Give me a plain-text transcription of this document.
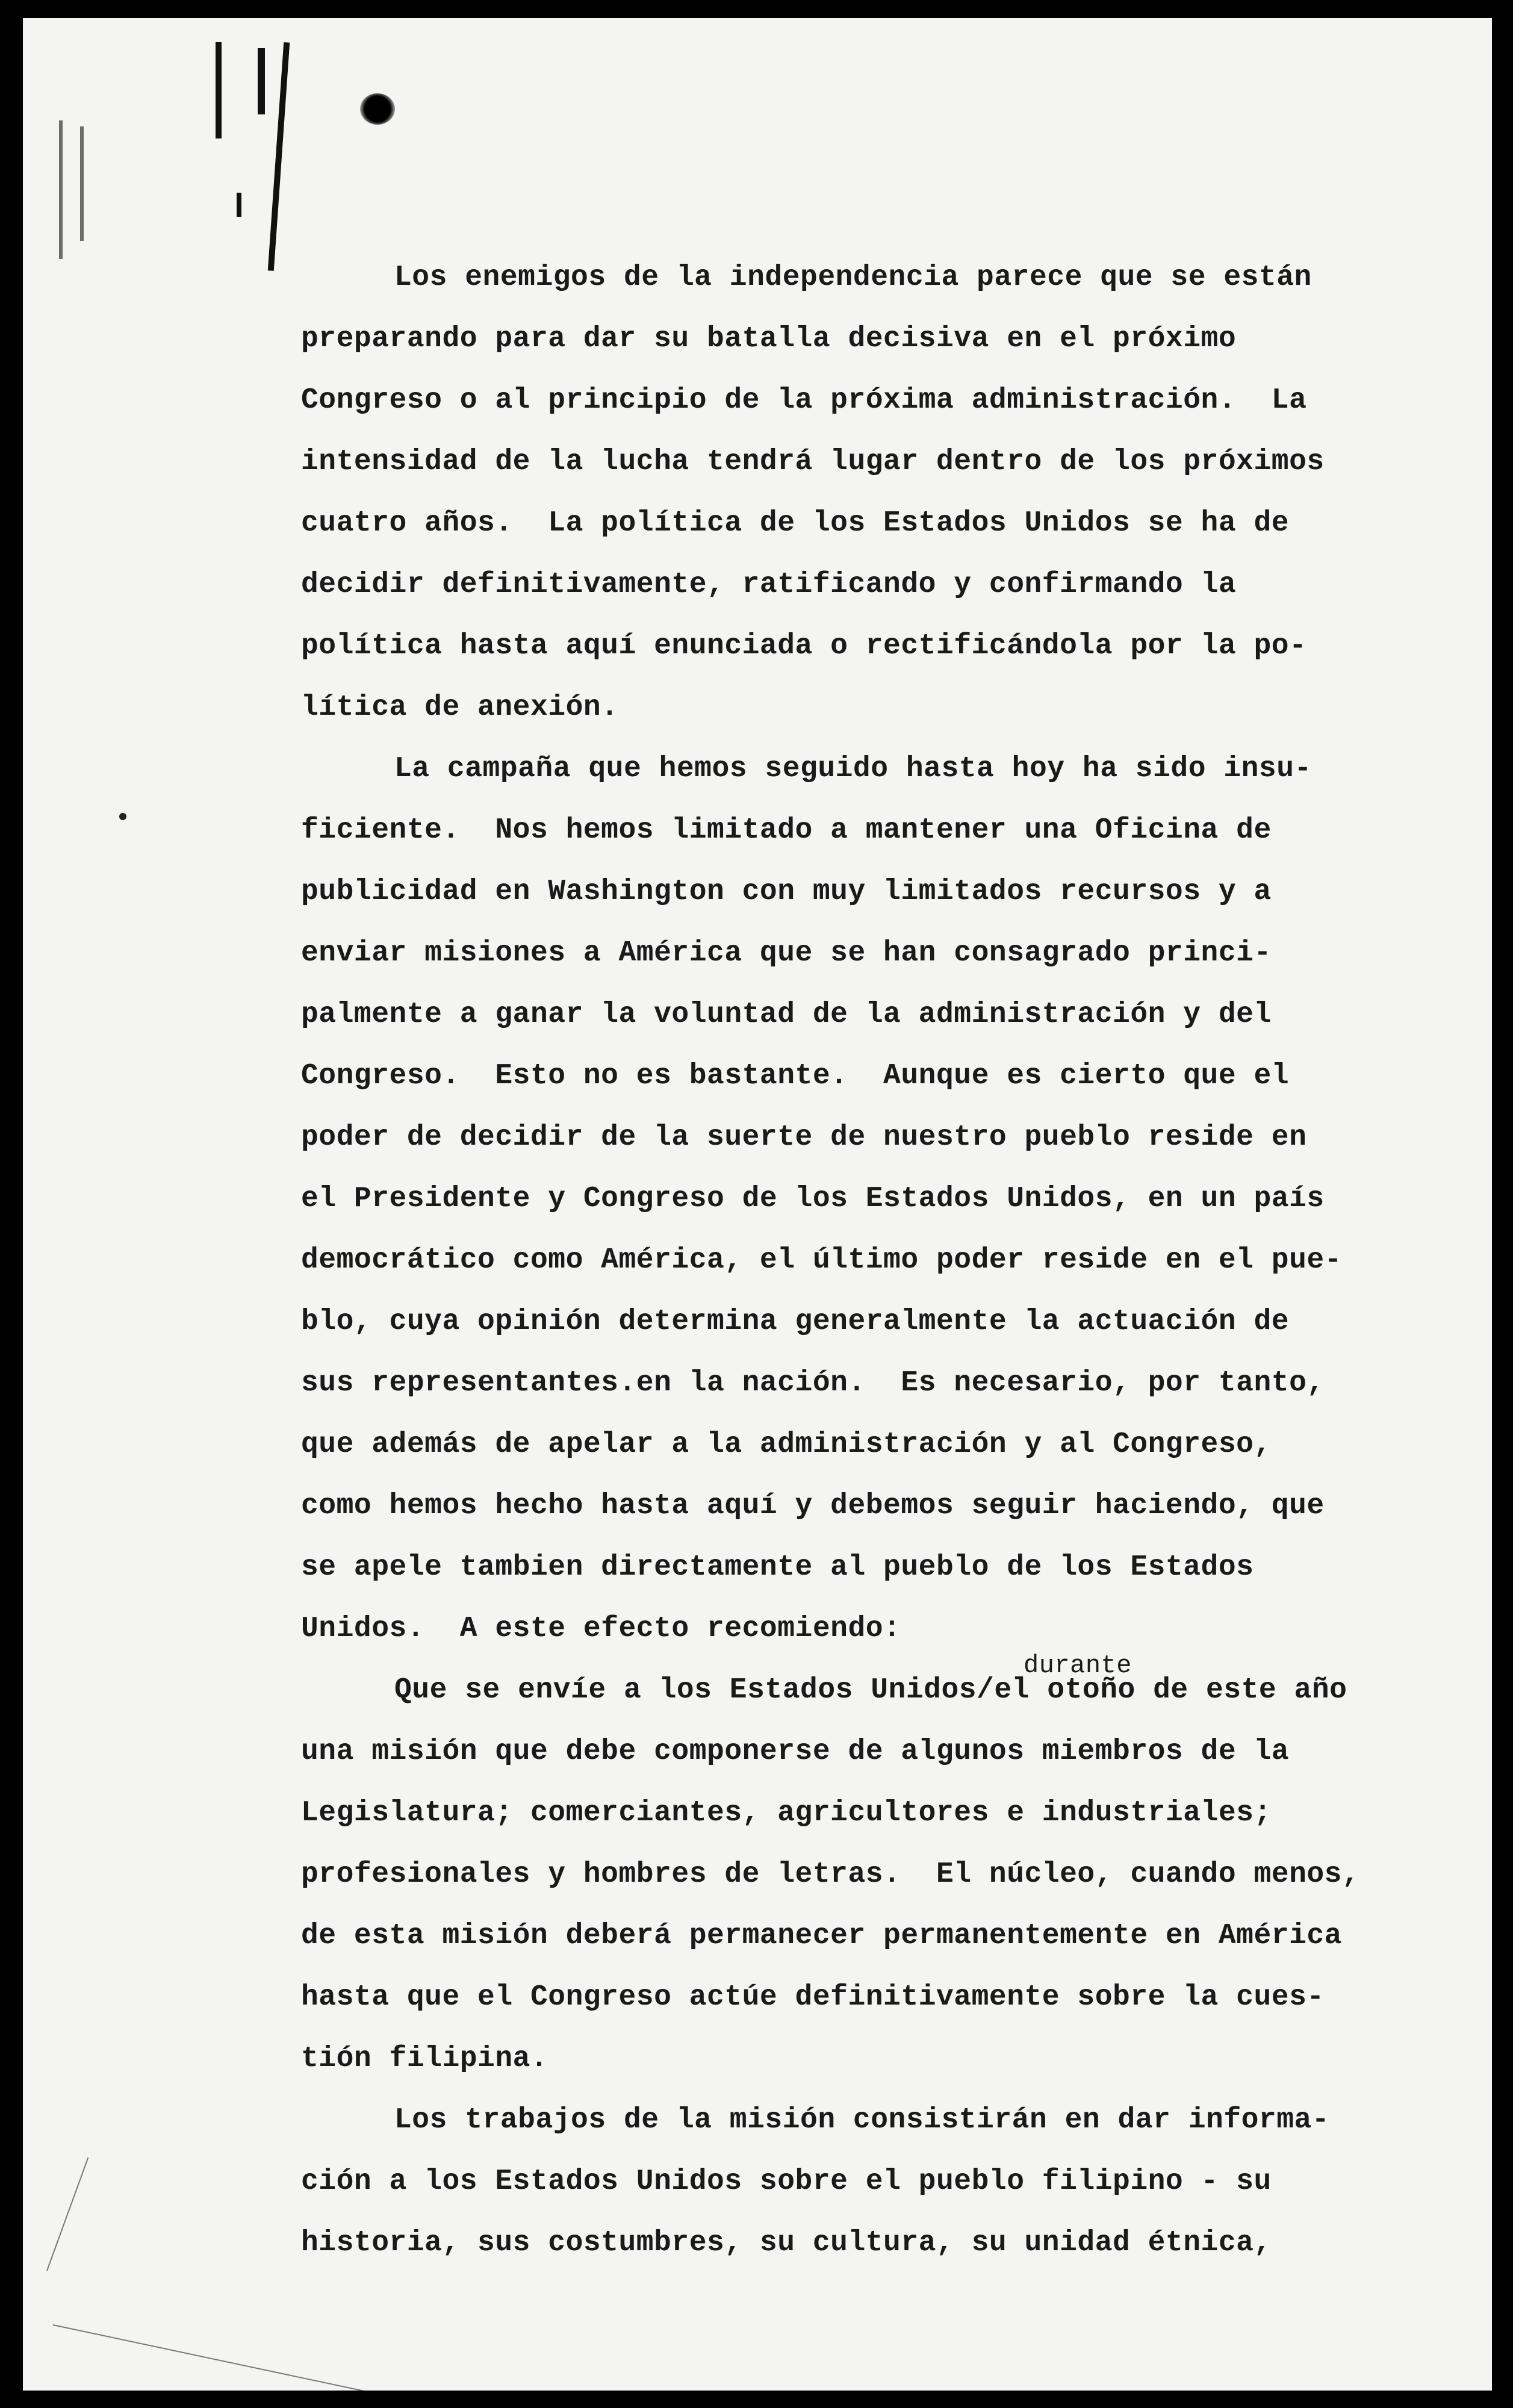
Los enemigos de la independencia parece que se están
preparando para dar su batalla decisiva en el próximo
Congreso o al principio de la próxima administración.  La
intensidad de la lucha tendrá lugar dentro de los próximos
cuatro años.  La política de los Estados Unidos se ha de
decidir definitivamente, ratificando y confirmando la
política hasta aquí enunciada o rectificándola por la po-
lítica de anexión.
La campaña que hemos seguido hasta hoy ha sido insu-
ficiente.  Nos hemos limitado a mantener una Oficina de
publicidad en Washington con muy limitados recursos y a
enviar misiones a América que se han consagrado princi-
palmente a ganar la voluntad de la administración y del
Congreso.  Esto no es bastante.  Aunque es cierto que el
poder de decidir de la suerte de nuestro pueblo reside en
el Presidente y Congreso de los Estados Unidos, en un país
democrático como América, el último poder reside en el pue-
blo, cuya opinión determina generalmente la actuación de
sus representantes.en la nación.  Es necesario, por tanto,
que además de apelar a la administración y al Congreso,
como hemos hecho hasta aquí y debemos seguir haciendo, que
se apele tambien directamente al pueblo de los Estados
Unidos.  A este efecto recomiendo:
durante
Que se envíe a los Estados Unidos/el otoño de este año
una misión que debe componerse de algunos miembros de la
Legislatura; comerciantes, agricultores e industriales;
profesionales y hombres de letras.  El núcleo, cuando menos,
de esta misión deberá permanecer permanentemente en América
hasta que el Congreso actúe definitivamente sobre la cues-
tión filipina.
Los trabajos de la misión consistirán en dar informa-
ción a los Estados Unidos sobre el pueblo filipino - su
historia, sus costumbres, su cultura, su unidad étnica,
